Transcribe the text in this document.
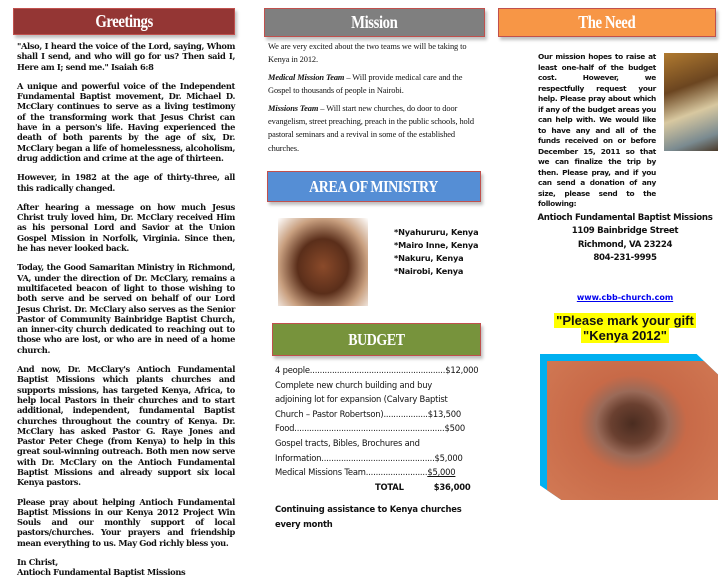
Greetings	Mission	The Need

"Also, I heard the voice of the Lord, saying, Whom shall I send, and who will go for us? Then said I, Here am I; send me." Isaiah 6:8

A unique and powerful voice of the Independent Fundamental Baptist movement, Dr. Michael D. McClary continues to serve as a living testimony of the transforming work that Jesus Christ can have in a person's life. Having experienced the death of both parents by the age of six, Dr. McClary began a life of homelessness, alcoholism, drug addiction and crime at the age of thirteen.

However, in 1982 at the age of thirty-three, all this radically changed.

After hearing a message on how much Jesus Christ truly loved him, Dr. McClary received Him as his personal Lord and Savior at the Union Gospel Mission in Norfolk, Virginia. Since then, he has never looked back.

Today, the Good Samaritan Ministry in Richmond, VA, under the direction of Dr. McClary, remains a multifaceted beacon of light to those wishing to both serve and be served on behalf of our Lord Jesus Christ. Dr. McClary also serves as the Senior Pastor of Community Bainbridge Baptist Church, an inner-city church dedicated to reaching out to those who are lost, or who are in need of a home church.

And now, Dr. McClary's Antioch Fundamental Baptist Missions which plants churches and supports missions, has targeted Kenya, Africa, to help local Pastors in their churches and to start additional, independent, fundamental Baptist churches throughout the country of Kenya. Dr. McClary has asked Pastor G. Raye Jones and Pastor Peter Chege (from Kenya) to help in this great soul-winning outreach. Both men now serve with Dr. McClary on the Antioch Fundamental Baptist Missions and already support six local Kenya pastors.

Please pray about helping Antioch Fundamental Baptist Missions in our Kenya 2012 Project Win Souls and our monthly support of local pastors/churches. Your prayers and friendship mean everything to us. May God richly bless you.

In Christ,
Antioch Fundamental Baptist Missions

We are very excited about the two teams we will be taking to Kenya in 2012.

Medical Mission Team – Will provide medical care and the Gospel to thousands of people in Nairobi.

Missions Team – Will start new churches, do door to door evangelism, street preaching, preach in the public schools, hold pastoral seminars and a revival in some of the established churches.

AREA OF MINISTRY
*Nyahururu, Kenya
*Mairo Inne, Kenya
*Nakuru, Kenya
*Nairobi, Kenya
BUDGET
4 people.......................................................$12,000
Complete new church building and buy
adjoining lot for expansion (Calvary Baptist
Church – Pastor Robertson)..................$13,500
Food.............................................................$500
Gospel tracts, Bibles, Brochures and
Information..............................................$5,000
Medical Missions Team.........................$5,000
TOTAL	$36,000
Continuing assistance to Kenya churches every month

Our mission hopes to raise at least one-half of the budget cost. However, we respectfully request your help. Please pray about which if any of the budget areas you can help with. We would like to have any and all of the funds received on or before December 15, 2011 so that we can finalize the trip by then. Please pray, and if you can send a donation of any size, please send to the following:

Antioch Fundamental Baptist Missions
1109 Bainbridge Street
Richmond, VA 23224
804-231-9995
www.cbb-church.com
"Please mark your gift
"Kenya 2012"
